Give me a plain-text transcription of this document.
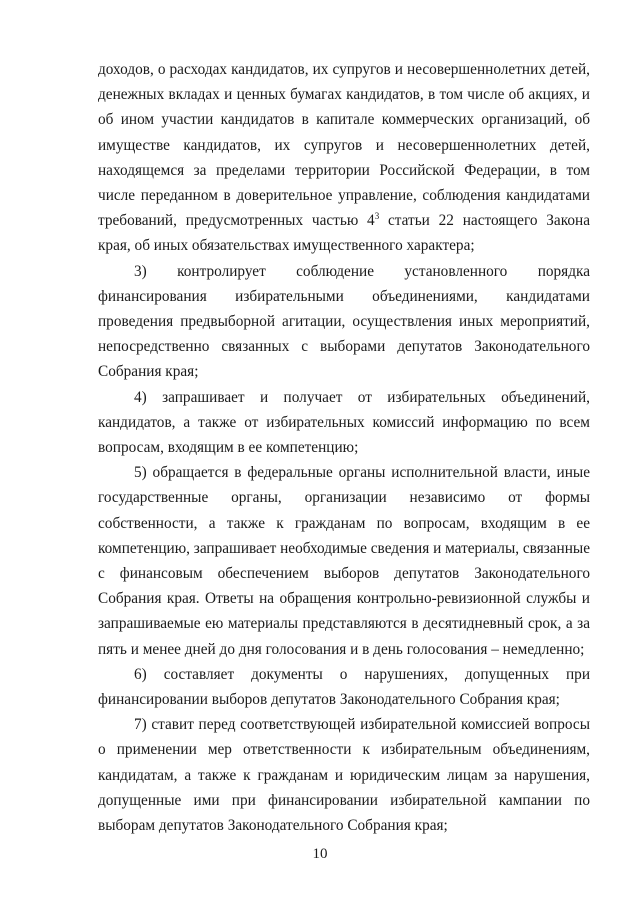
доходов, о расходах кандидатов, их супругов и несовершеннолетних детей, денежных вкладах и ценных бумагах кандидатов, в том числе об акциях, и об ином участии кандидатов в капитале коммерческих организаций, об имуществе кандидатов, их супругов и несовершеннолетних детей, находящемся за пределами территории Российской Федерации, в том числе переданном в доверительное управление, соблюдения кандидатами требований, предусмотренных частью $4^3$ статьи 22 настоящего Закона края, об иных обязательствах имущественного характера;

3) контролирует соблюдение установленного порядка финансирования избирательными объединениями, кандидатами проведения предвыборной агитации, осуществления иных мероприятий, непосредственно связанных с выборами депутатов Законодательного Собрания края;

4) запрашивает и получает от избирательных объединений, кандидатов, а также от избирательных комиссий информацию по всем вопросам, входящим в ее компетенцию;

5) обращается в федеральные органы исполнительной власти, иные государственные органы, организации независимо от формы собственности, а также к гражданам по вопросам, входящим в ее компетенцию, запрашивает необходимые сведения и материалы, связанные с финансовым обеспечением выборов депутатов Законодательного Собрания края. Ответы на обращения контрольно-ревизионной службы и запрашиваемые ею материалы представляются в десятидневный срок, а за пять и менее дней до дня голосования и в день голосования – немедленно;

6) составляет документы о нарушениях, допущенных при финансировании выборов депутатов Законодательного Собрания края;

7) ставит перед соответствующей избирательной комиссией вопросы о применении мер ответственности к избирательным объединениям, кандидатам, а также к гражданам и юридическим лицам за нарушения, допущенные ими при финансировании избирательной кампании по выборам депутатов Законодательного Собрания края;

10
